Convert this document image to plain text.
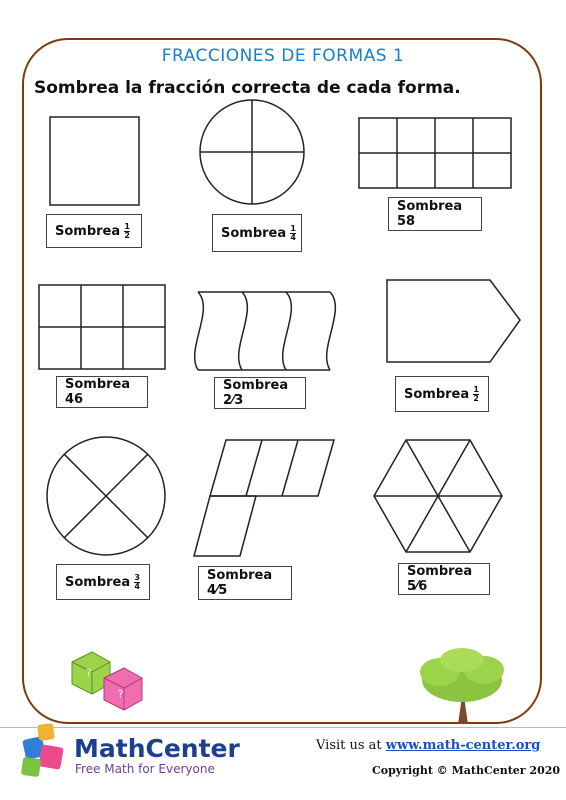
FRACCIONES DE FORMAS 1
Sombrea la fracción correcta de cada forma.
?
?
Sombrea $\frac{1}{2}$	Sombrea $\frac{1}{4}$
Sombrea 58
Sombrea 46
Sombrea 2⁄3	Sombrea $\frac{1}{2}$
Sombrea $\frac{3}{4}$	Sombrea 4⁄5
Sombrea 5⁄6
MathCenter
Free Math for Everyone
Visit us at www.math-center.org
Copyright © MathCenter 2020
